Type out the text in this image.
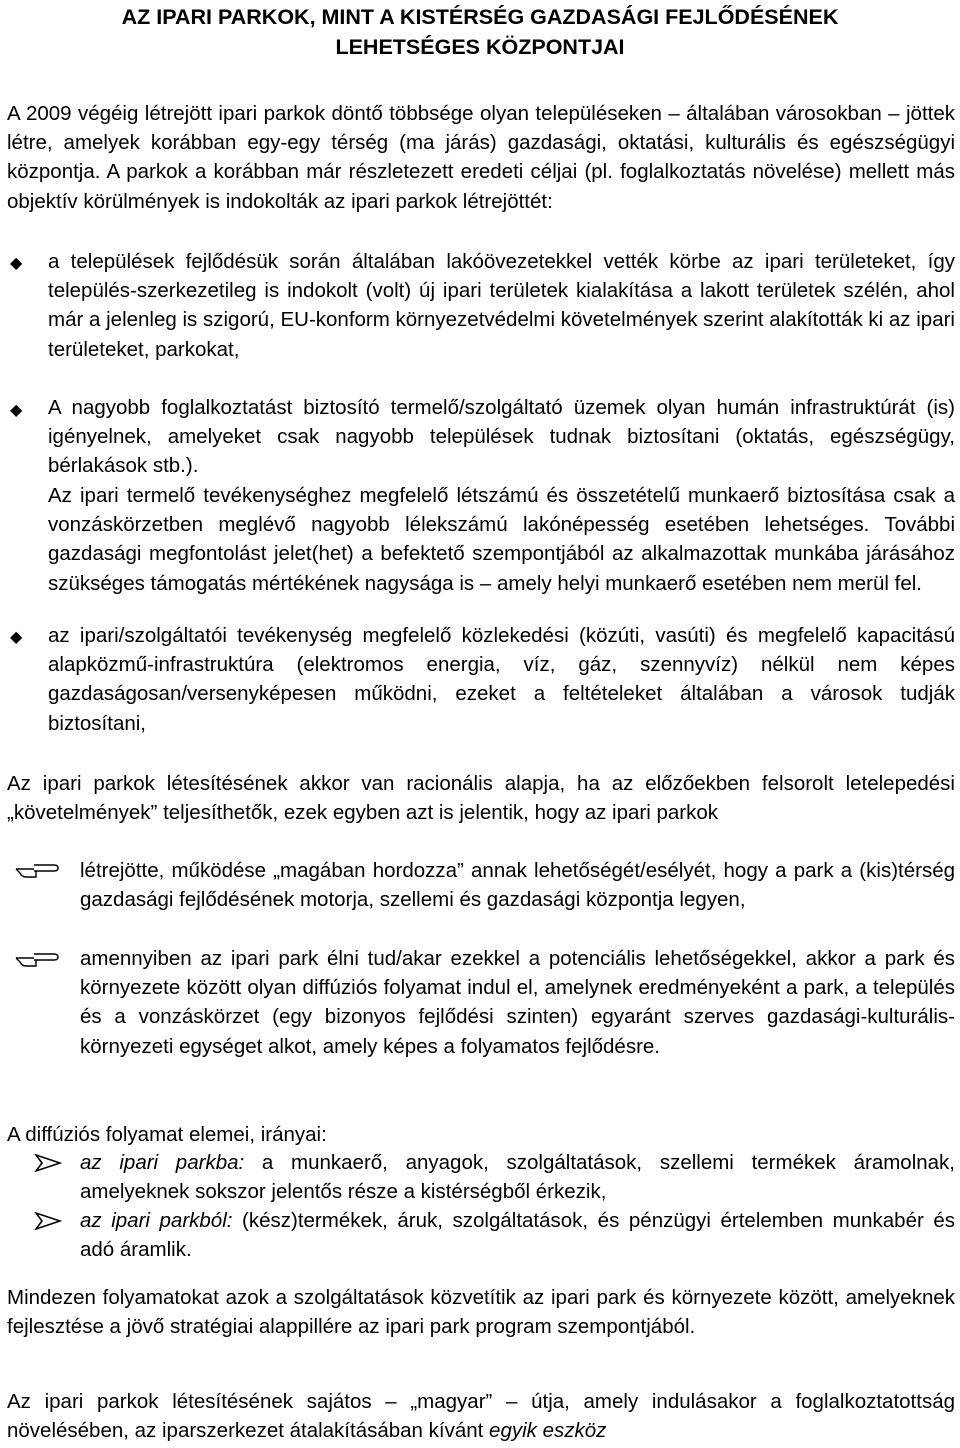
AZ IPARI PARKOK, MINT A KISTÉRSÉG GAZDASÁGI FEJLŐDÉSÉNEK
LEHETSÉGES KÖZPONTJAI

A 2009 végéig létrejött ipari parkok döntő többsége olyan településeken – általában városokban – jöttek létre, amelyek korábban egy-egy térség (ma járás) gazdasági, oktatási, kulturális és egészségügyi központja. A parkok a korábban már részletezett eredeti céljai (pl. foglalkoztatás növelése) mellett más objektív körülmények is indokolták az ipari parkok létrejöttét:

◆ a települések fejlődésük során általában lakóövezetekkel vették körbe az ipari területeket, így település-szerkezetileg is indokolt (volt) új ipari területek kialakítása a lakott területek szélén, ahol már a jelenleg is szigorú, EU-konform környezetvédelmi követelmények szerint alakították ki az ipari területeket, parkokat,

◆ A nagyobb foglalkoztatást biztosító termelő/szolgáltató üzemek olyan humán infrastruktúrát (is) igényelnek, amelyeket csak nagyobb települések tudnak biztosítani (oktatás, egészségügy, bérlakások stb.).

Az ipari termelő tevékenységhez megfelelő létszámú és összetételű munkaerő biztosítása csak a vonzáskörzetben meglévő nagyobb lélekszámú lakónépesség esetében lehetséges. További gazdasági megfontolást jelet(het) a befektető szempontjából az alkalmazottak munkába járásához szükséges támogatás mértékének nagysága is – amely helyi munkaerő esetében nem merül fel.

◆ az ipari/szolgáltatói tevékenység megfelelő közlekedési (közúti, vasúti) és megfelelő kapacitású alapközmű-infrastruktúra (elektromos energia, víz, gáz, szennyvíz) nélkül nem képes gazdaságosan/versenyképesen működni, ezeket a feltételeket általában a városok tudják biztosítani,

Az ipari parkok létesítésének akkor van racionális alapja, ha az előzőekben felsorolt letelepedési „követelmények” teljesíthetők, ezek egyben azt is jelentik, hogy az ipari parkok

létrejötte, működése „magában hordozza” annak lehetőségét/esélyét, hogy a park a (kis)térség gazdasági fejlődésének motorja, szellemi és gazdasági központja legyen,

amennyiben az ipari park élni tud/akar ezekkel a potenciális lehetőségekkel, akkor a park és környezete között olyan diffúziós folyamat indul el, amelynek eredményeként a park, a település és a vonzáskörzet (egy bizonyos fejlődési szinten) egyaránt szerves gazdasági-kulturális-környezeti egységet alkot, amely képes a folyamatos fejlődésre.

A diffúziós folyamat elemei, irányai:

az ipari parkba: a munkaerő, anyagok, szolgáltatások, szellemi termékek áramolnak, amelyeknek sokszor jelentős része a kistérségből érkezik,

az ipari parkból: (kész)termékek, áruk, szolgáltatások, és pénzügyi értelemben munkabér és adó áramlik.

Mindezen folyamatokat azok a szolgáltatások közvetítik az ipari park és környezete között, amelyeknek fejlesztése a jövő stratégiai alappillére az ipari park program szempontjából.

Az ipari parkok létesítésének sajátos – „magyar” – útja, amely indulásakor a foglalkoztatottság növelésében, az iparszerkezet átalakításában kívánt egyik eszköz
